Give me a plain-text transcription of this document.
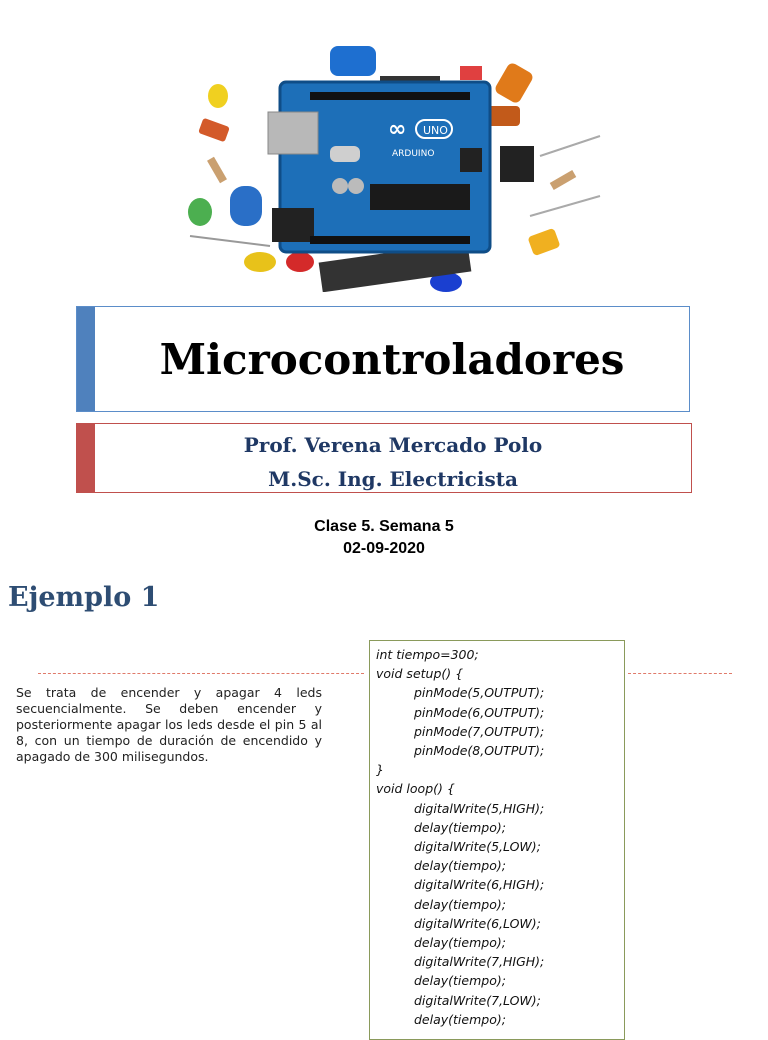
∞ UNO
ARDUINO
Microcontroladores
Prof. Verena Mercado Polo
M.Sc. Ing. Electricista
Clase 5. Semana 5
02-09-2020
Ejemplo 1
Se trata de encender y apagar 4 leds secuencialmente. Se deben encender y posteriormente apagar los leds desde el pin 5 al 8, con un tiempo de duración de encendido y apagado de 300 milisegundos.
int tiempo=300;
void setup() {
pinMode(5,OUTPUT);
pinMode(6,OUTPUT);
pinMode(7,OUTPUT);
pinMode(8,OUTPUT);
}
void loop() {
digitalWrite(5,HIGH);
delay(tiempo);
digitalWrite(5,LOW);
delay(tiempo);
digitalWrite(6,HIGH);
delay(tiempo);
digitalWrite(6,LOW);
delay(tiempo);
digitalWrite(7,HIGH);
delay(tiempo);
digitalWrite(7,LOW);
delay(tiempo);
